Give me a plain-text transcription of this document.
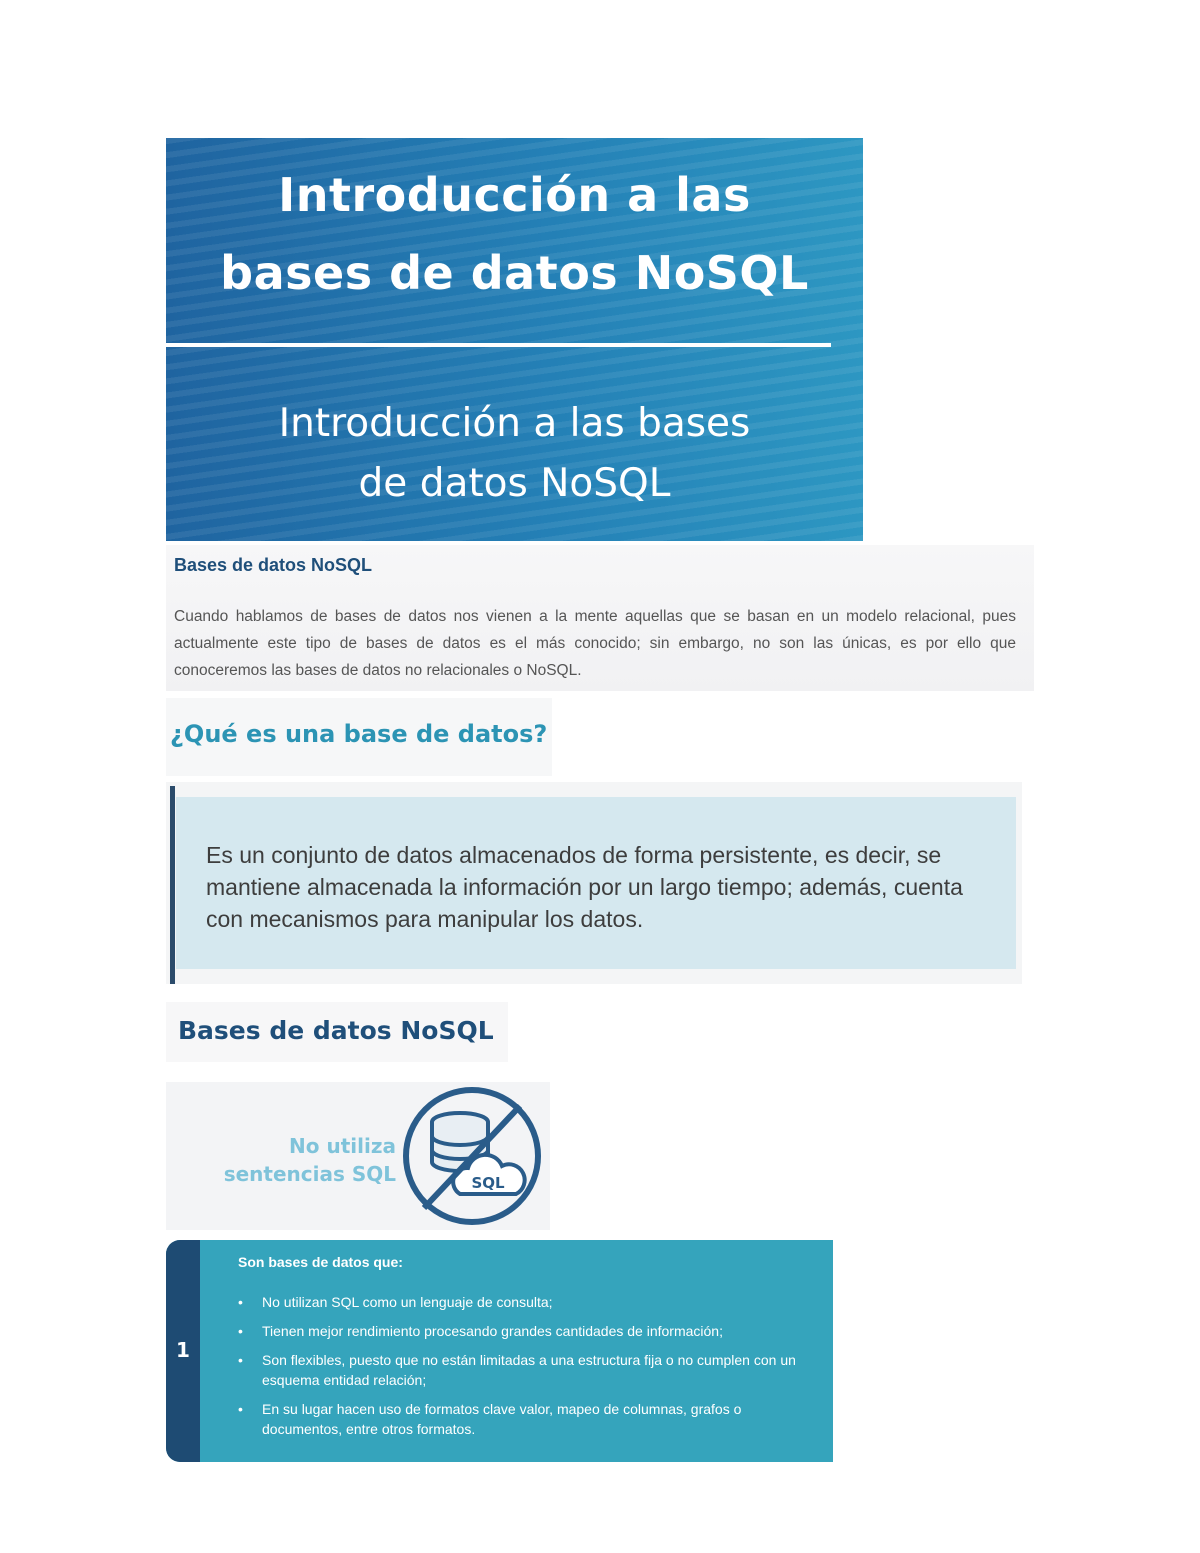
Introducción a las
bases de datos NoSQL
Introducción a las bases
de datos NoSQL
Bases de datos NoSQL
Cuando hablamos de bases de datos nos vienen a la mente aquellas que se basan en un modelo relacional, pues actualmente este tipo de bases de datos es el más conocido; sin embargo, no son las únicas, es por ello que conoceremos las bases de datos no relacionales o NoSQL.
¿Qué es una base de datos?
Es un conjunto de datos almacenados de forma persistente, es decir, se mantiene almacenada la información por un largo tiempo; además, cuenta con mecanismos para manipular los datos.
Bases de datos NoSQL
No utiliza
sentencias SQL	SQL
1
Son bases de datos que:
• No utilizan SQL como un lenguaje de consulta;
• Tienen mejor rendimiento procesando grandes cantidades de información;
• Son flexibles, puesto que no están limitadas a una estructura fija o no cumplen con un esquema entidad relación;
• En su lugar hacen uso de formatos clave valor, mapeo de columnas, grafos o documentos, entre otros formatos.
